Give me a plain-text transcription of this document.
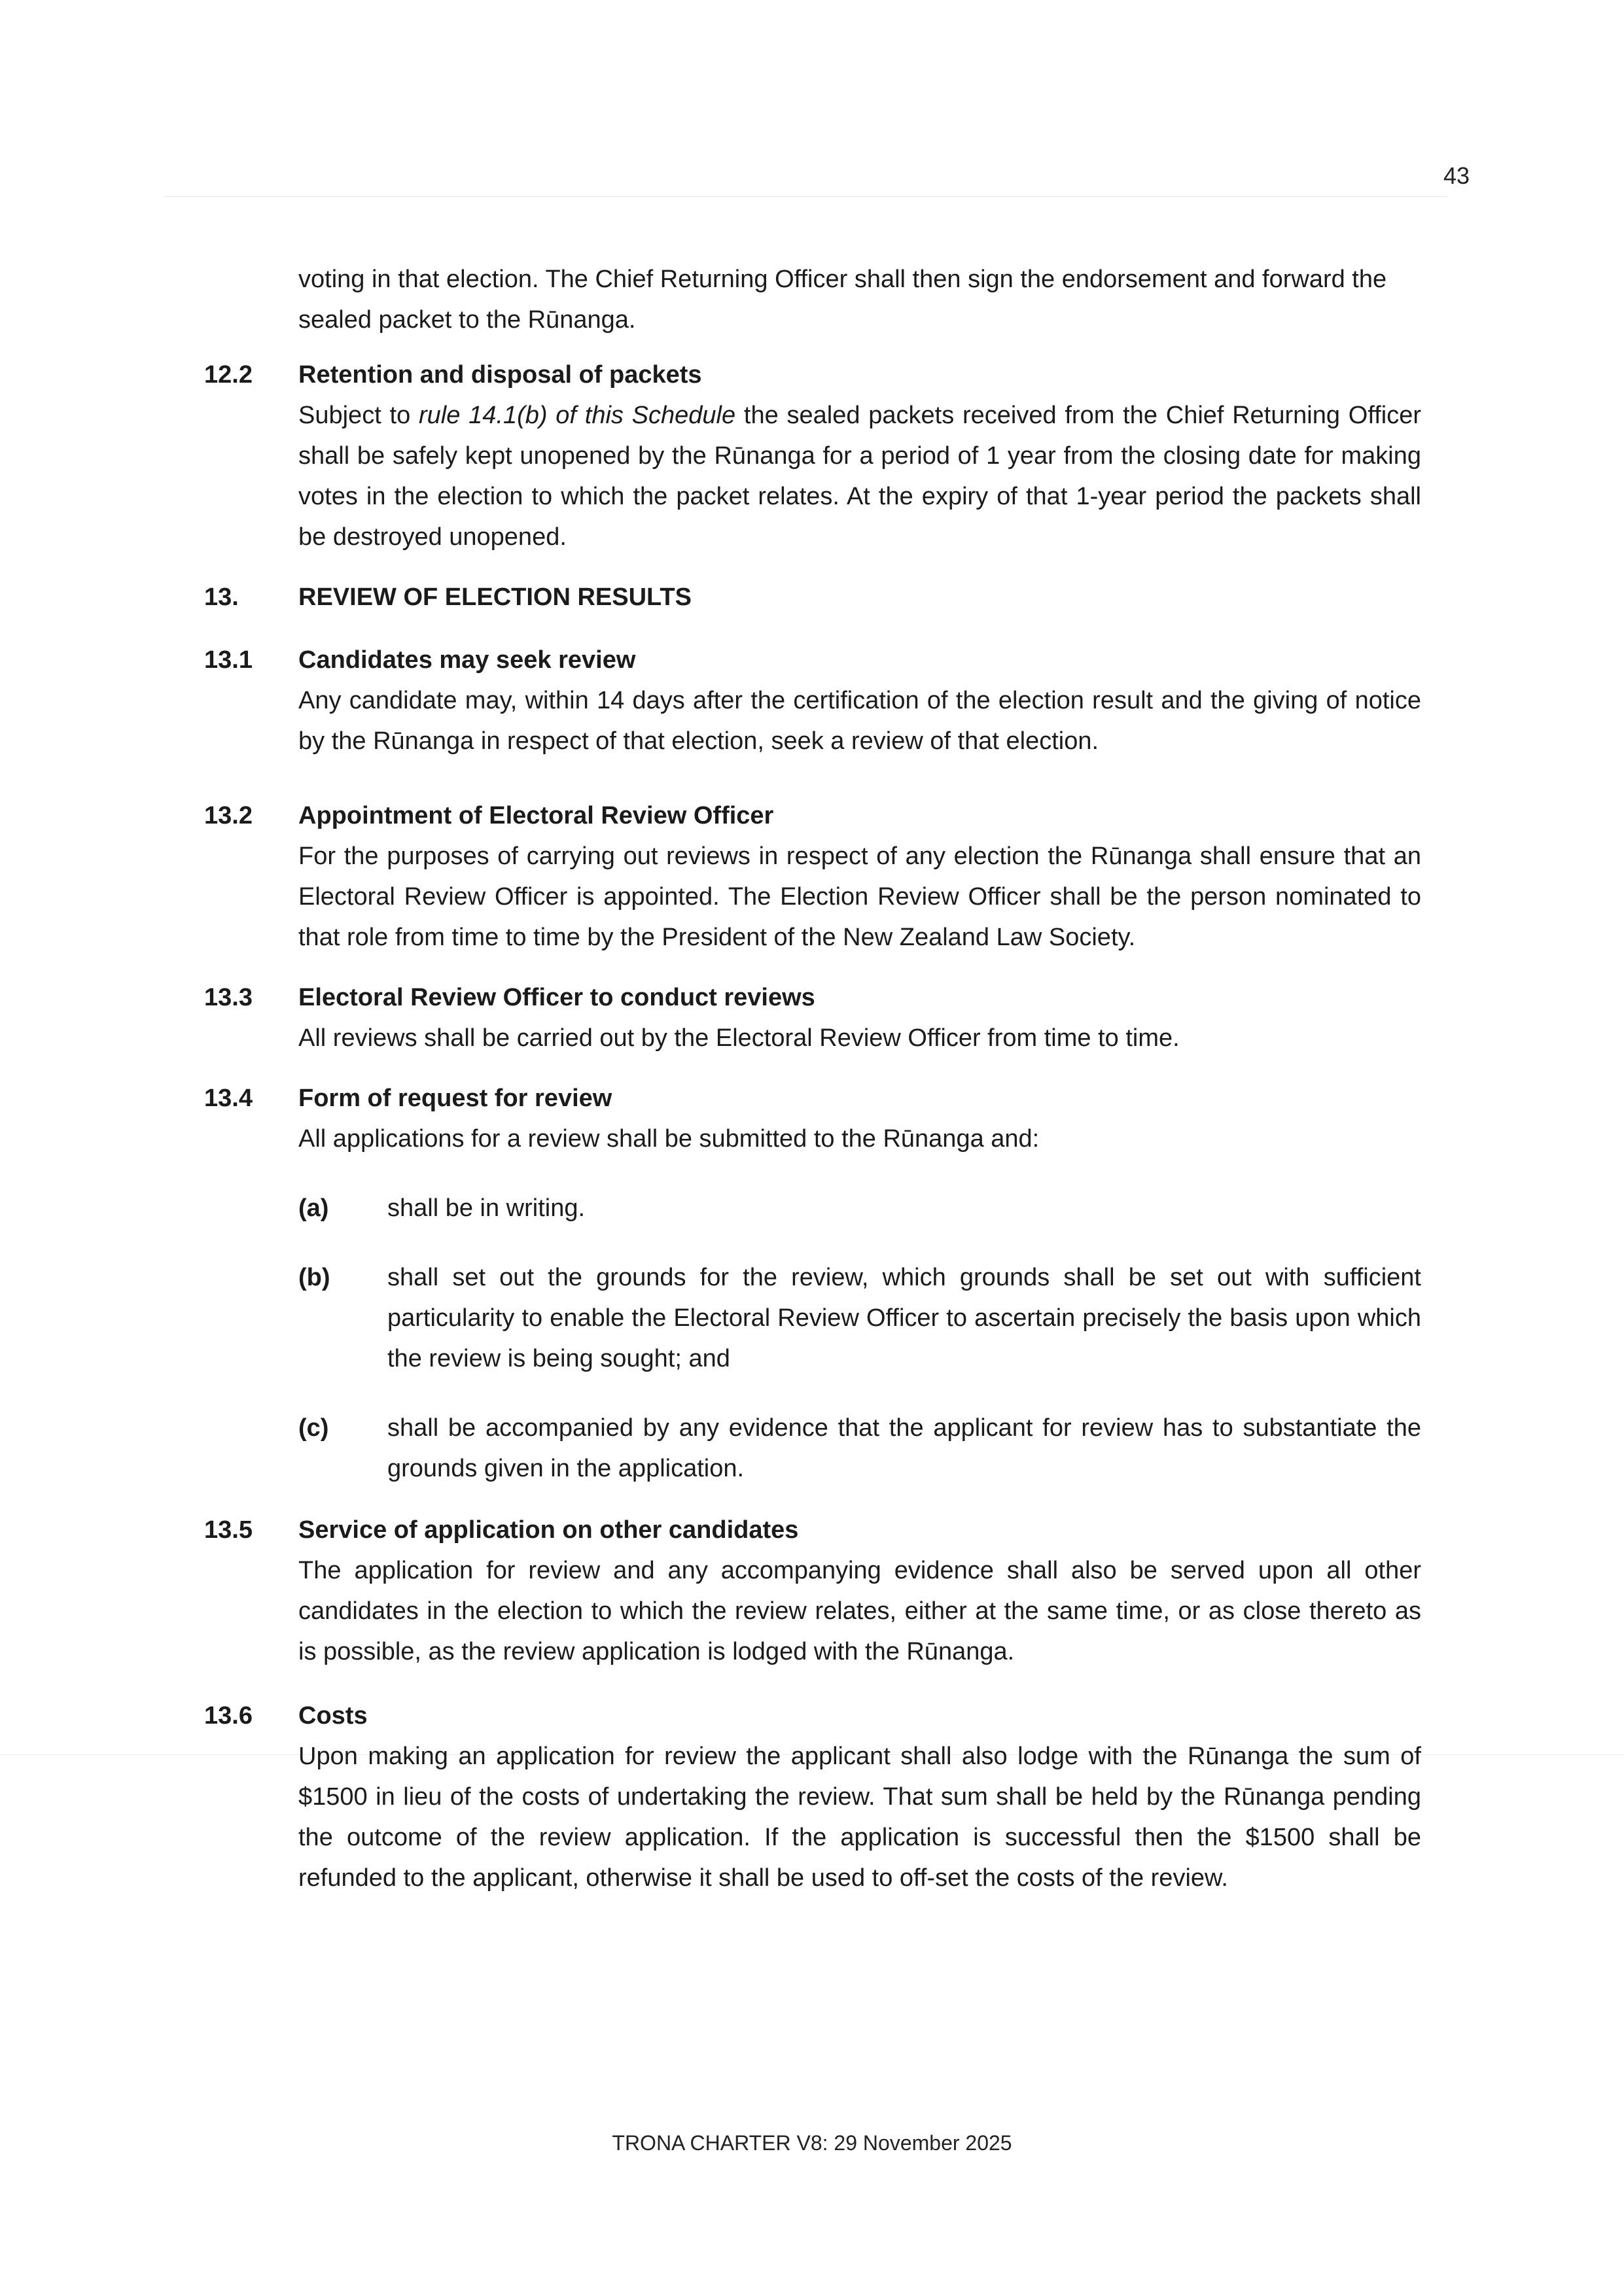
43

voting in that election. The Chief Returning Officer shall then sign the endorsement and forward the sealed packet to the Rūnanga.

12.2	Retention and disposal of packets
Subject to rule 14.1(b) of this Schedule the sealed packets received from the Chief Returning Officer shall be safely kept unopened by the Rūnanga for a period of 1 year from the closing date for making votes in the election to which the packet relates. At the expiry of that 1-year period the packets shall be destroyed unopened.
13.	REVIEW OF ELECTION RESULTS
13.1	Candidates may seek review
Any candidate may, within 14 days after the certification of the election result and the giving of notice by the Rūnanga in respect of that election, seek a review of that election.
13.2	Appointment of Electoral Review Officer
For the purposes of carrying out reviews in respect of any election the Rūnanga shall ensure that an Electoral Review Officer is appointed. The Election Review Officer shall be the person nominated to that role from time to time by the President of the New Zealand Law Society.
13.3	Electoral Review Officer to conduct reviews
All reviews shall be carried out by the Electoral Review Officer from time to time.
13.4	Form of request for review
All applications for a review shall be submitted to the Rūnanga and:
(a)	shall be in writing.
(b)	shall set out the grounds for the review, which grounds shall be set out with sufficient particularity to enable the Electoral Review Officer to ascertain precisely the basis upon which the review is being sought; and
(c)	shall be accompanied by any evidence that the applicant for review has to substantiate the grounds given in the application.
13.5	Service of application on other candidates
The application for review and any accompanying evidence shall also be served upon all other candidates in the election to which the review relates, either at the same time, or as close thereto as is possible, as the review application is lodged with the Rūnanga.
13.6	Costs
Upon making an application for review the applicant shall also lodge with the Rūnanga the sum of $1500 in lieu of the costs of undertaking the review. That sum shall be held by the Rūnanga pending the outcome of the review application. If the application is successful then the $1500 shall be refunded to the applicant, otherwise it shall be used to off-set the costs of the review.
TRONA CHARTER V8: 29 November 2025
